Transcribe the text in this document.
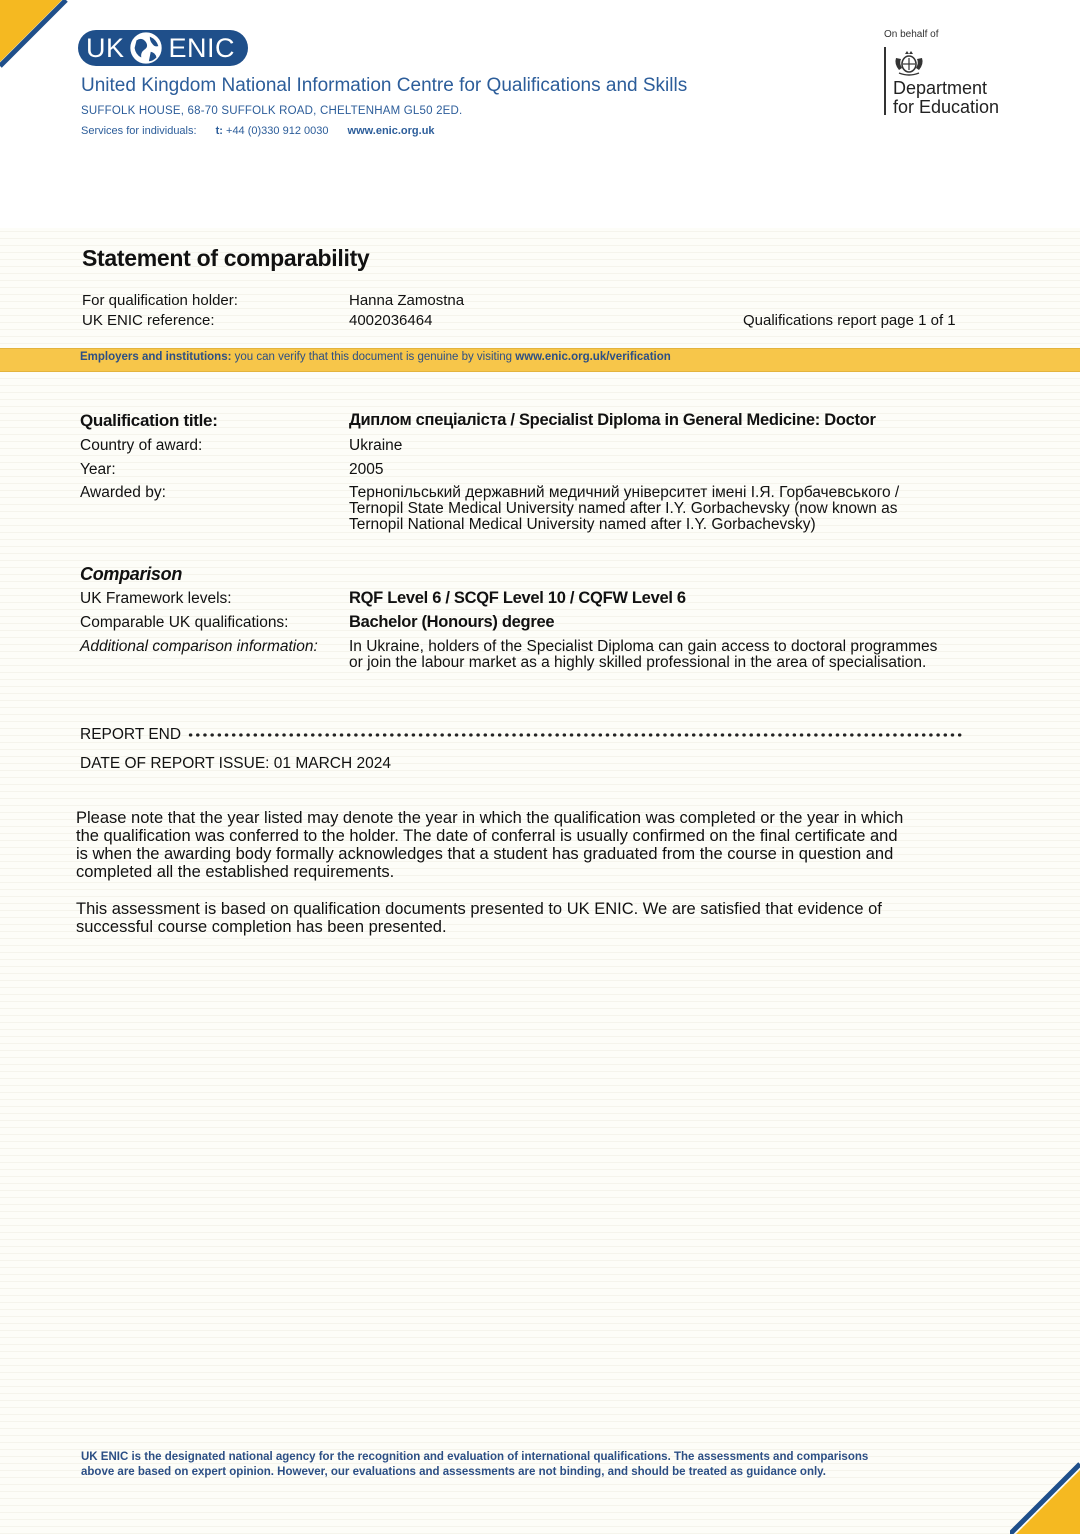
UK ENIC
United Kingdom National Information Centre for Qualifications and Skills
SUFFOLK HOUSE, 68-70 SUFFOLK ROAD, CHELTENHAM GL50 2ED.
Services for individuals: t: +44 (0)330 912 0030 www.enic.org.uk
On behalf of
Department
for Education
Statement of comparability
For qualification holder:	Hanna Zamostna
UK ENIC reference:	4002036464	Qualifications report page 1 of 1
Employers and institutions: you can verify that this document is genuine by visiting www.enic.org.uk/verification
Qualification title:	Диплом спеціаліста / Specialist Diploma in General Medicine: Doctor
Country of award:	Ukraine
Year:	2005
Awarded by:	Тернопільський державний медичний університет імені І.Я. Горбачевського /
Ternopil State Medical University named after I.Y. Gorbachevsky (now known as
Ternopil National Medical University named after I.Y. Gorbachevsky)
Comparison
UK Framework levels:	RQF Level 6 / SCQF Level 10 / CQFW Level 6
Comparable UK qualifications:	Bachelor (Honours) degree
Additional comparison information: In Ukraine, holders of the Specialist Diploma can gain access to doctoral programmes
or join the labour market as a highly skilled professional in the area of specialisation.
REPORT END
DATE OF REPORT ISSUE: 01 MARCH 2024
Please note that the year listed may denote the year in which the qualification was completed or the year in which
the qualification was conferred to the holder. The date of conferral is usually confirmed on the final certificate and
is when the awarding body formally acknowledges that a student has graduated from the course in question and
completed all the established requirements.
This assessment is based on qualification documents presented to UK ENIC. We are satisfied that evidence of
successful course completion has been presented.
UK ENIC is the designated national agency for the recognition and evaluation of international qualifications. The assessments and comparisons
above are based on expert opinion. However, our evaluations and assessments are not binding, and should be treated as guidance only.
